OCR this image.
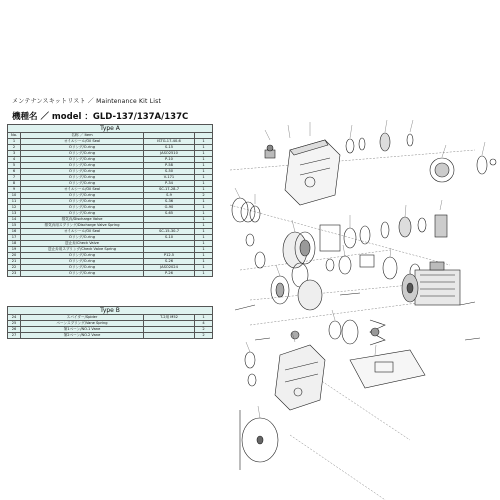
メンテナンスキットリスト ／ Maintenance Kit List
機種名 ／ model ：GLD-137/137A/137C
Type A			
No.	名称 ／ Item		
1	オイルシール/Oil Seal	ISTG-17-40-6	1
2	Oリング/O-ring	S-15	1
3	Oリング/O-ring	JASO2510	1
4	Oリング/O-ring	P-10	1
5	Oリング/O-ring	P-58	1
6	Oリング/O-ring	S-50	1
7	Oリング/O-ring	V-171	1
8	Oリング/O-ring	P-34	1
9	オイルシール/Oil Seal	SC-17-28-7	1
10	Oリング/O-ring	S-9	2
11	Oリング/O-ring	S-36	1
12	Oリング/O-ring	G-90	1
13	Oリング/O-ring	S-65	1
14	排気弁/Discharge Valve		1
15	排気弁用スプリング/Discharge Valve Spring		1
16	オイルシール/Oil Seal	SC-15-30-7	1
17	Oリング/O-ring	S-10	1
18	逆止弁/Check Valve		1
19	逆止弁用スプリング/Check Valve Spring		1
20	Oリング/O-ring	P12.5	1
21	Oリング/O-ring	S-26	1
22	Oリング/O-ring	JASO2024	1
23	Oリング/O-ring	P-26	1
Type B			
24	スパイダー/Spider	T-2用 M52	1
25	ベーンスプリング/Vane Spring		4
26	第1ベーン/NO.1 Vane		2
27	第2ベーン/NO.2 Vane		2
